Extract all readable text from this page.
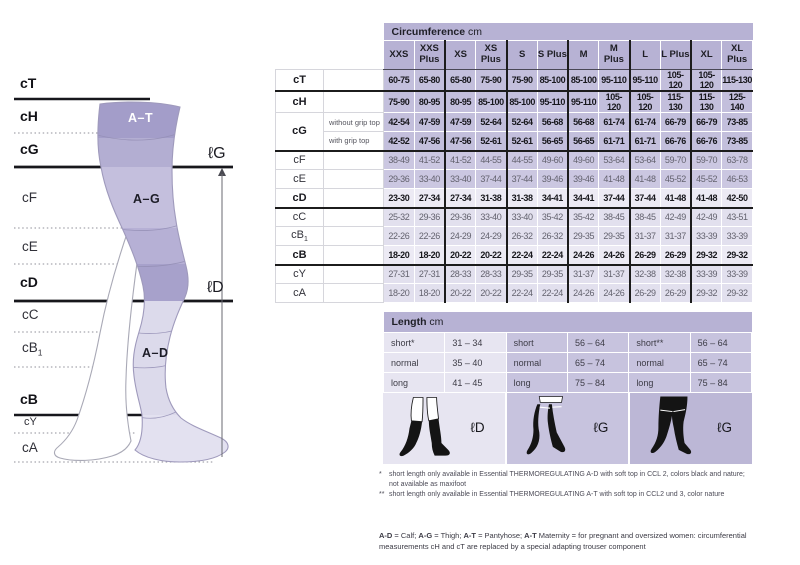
cT
cH
cG
cF
cE
cD
cC
$cB_1$
cB
cY
cA
A–T
A–G
A–D
ℓG
ℓD
		Circumference cm											
		XXS	XXS Plus	XS	XS Plus	S	S Plus	M	M Plus	L	L Plus	XL	XL Plus
cT		60-75	65-80	65-80	75-90	75-90	85-100	85-100	95-110	95-110	105-120	105-120	115-130
cH		75-90	80-95	80-95	85-100	85-100	95-110	95-110	105-120	105-120	115-130	115-130	125-140
cG	without grip top	42-54	47-59	47-59	52-64	52-64	56-68	56-68	61-74	61-74	66-79	66-79	73-85
	with grip top	42-52	47-56	47-56	52-61	52-61	56-65	56-65	61-71	61-71	66-76	66-76	73-85
cF		38-49	41-52	41-52	44-55	44-55	49-60	49-60	53-64	53-64	59-70	59-70	63-78
cE		29-36	33-40	33-40	37-44	37-44	39-46	39-46	41-48	41-48	45-52	45-52	46-53
cD		23-30	27-34	27-34	31-38	31-38	34-41	34-41	37-44	37-44	41-48	41-48	42-50
cC		25-32	29-36	29-36	33-40	33-40	35-42	35-42	38-45	38-45	42-49	42-49	43-51
$cB_1$		22-26	22-26	24-29	24-29	26-32	26-32	29-35	29-35	31-37	31-37	33-39	33-39
cB		18-20	18-20	20-22	20-22	22-24	22-24	24-26	24-26	26-29	26-29	29-32	29-32
cY		27-31	27-31	28-33	28-33	29-35	29-35	31-37	31-37	32-38	32-38	33-39	33-39
cA		18-20	18-20	20-22	20-22	22-24	22-24	24-26	24-26	26-29	26-29	29-32	29-32
Length cm					
short*	31 – 34	short	56 – 64	short**	56 – 64
normal	35 – 40	normal	65 – 74	normal	65 – 74
long	41 – 45	long	75 – 84	long	75 – 84
ℓD	ℓG	ℓG
*	short length only available in Essential THERMOREGULATING A-D with soft top in CCL 2, colors black and nature; not available as maxifoot
** short length only available in Essential THERMOREGULATING A-T with soft top in CCL2 und 3, color nature
A-D = Calf; A-G = Thigh; A-T = Pantyhose; A-T Maternity = for pregnant and oversized women: circumferential measurements cH and cT are replaced by a special adapting trouser component
